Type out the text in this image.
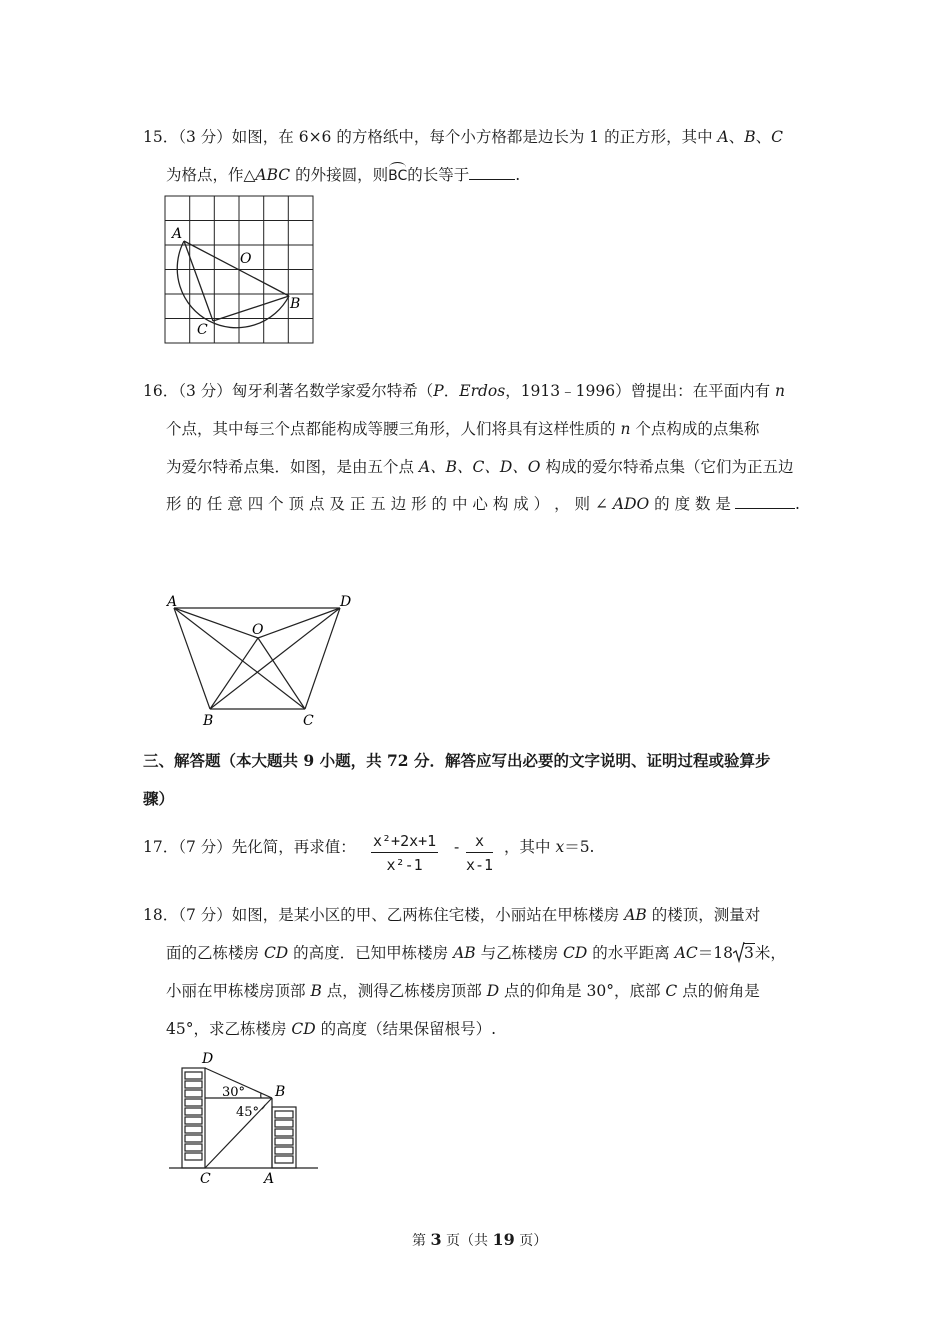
15．（3 分）如图，在 6×6 的方格纸中，每个小方格都是边长为 1 的正方形，其中 A、B、C
为格点，作△ABC 的外接圆，则BC的长等于	.
A
O
B
C
16．（3 分）匈牙利著名数学家爱尔特希（P．Erdos，1913﹣1996）曾提出：在平面内有 n
个点，其中每三个点都能构成等腰三角形，人们将具有这样性质的 n 个点构成的点集称
为爱尔特希点集．如图，是由五个点 A、B、C、D、O 构成的爱尔特希点集（它们为正五边
形 的 任 意 四 个 顶 点 及 正 五 边 形 的 中 心 构 成 ） ， 则 ∠ ADO 的 度 数 是	.
A	D
O
B	C
三、解答题（本大题共 9 小题，共 72 分．解答应写出必要的文字说明、证明过程或验算步
骤）
17．（7 分）先化简，再求值： $\frac{\text{x²+2x+1}}{\text{x²-1}} - \frac{x}{x-1}$ ，其中 x＝5.
18．（7 分）如图，是某小区的甲、乙两栋住宅楼，小丽站在甲栋楼房 AB 的楼顶，测量对
面的乙栋楼房 CD 的高度．已知甲栋楼房 AB 与乙栋楼房 CD 的水平距离 AC＝18 3米，
小丽在甲栋楼房顶部 B 点，测得乙栋楼房顶部 D 点的仰角是 30°，底部 C 点的俯角是
45°，求乙栋楼房 CD 的高度（结果保留根号）.
D
B
C	A
30°
45°
第 3 页（共 19 页）
